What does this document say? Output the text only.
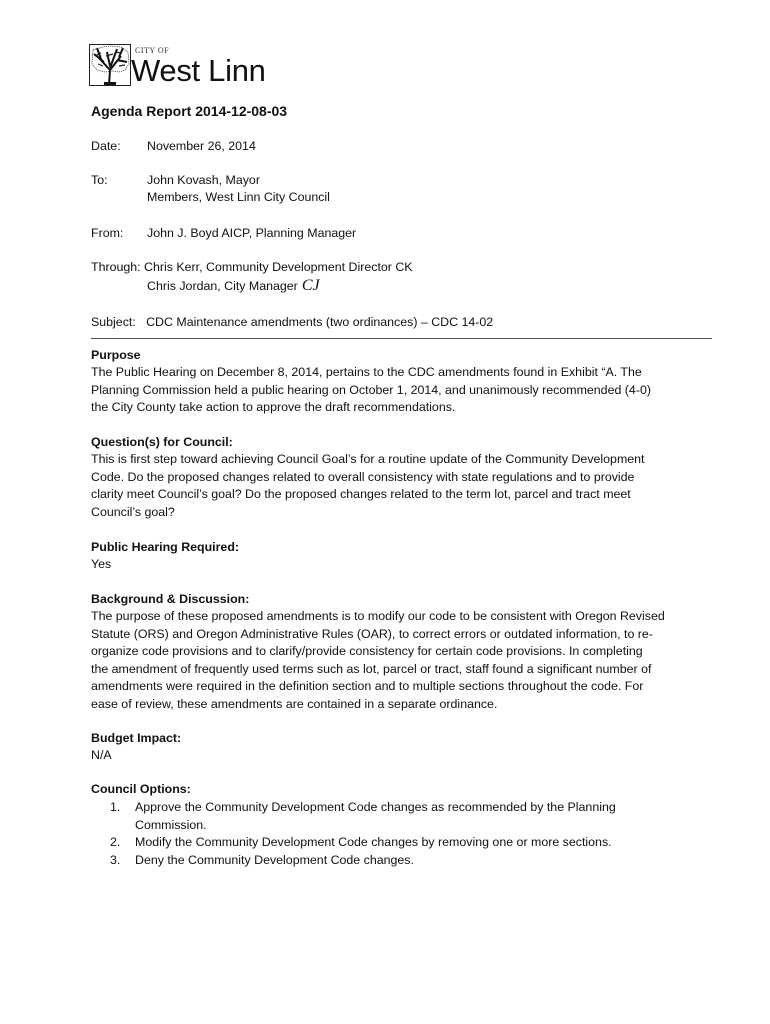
CITY OF
West Linn
Agenda Report 2014-12-08-03
Date: November 26, 2014
To:	John Kovash, Mayor
Members, West Linn City Council
From: John J. Boyd AICP, Planning Manager
Through: Chris Kerr, Community Development Director CK
Chris Jordan, City Manager CJ
Subject:   CDC Maintenance amendments (two ordinances) – CDC 14-02
Purpose
The Public Hearing on December 8, 2014, pertains to the CDC amendments found in Exhibit “A. The
Planning Commission held a public hearing on October 1, 2014, and unanimously recommended (4-0)
the City County take action to approve the draft recommendations.
Question(s) for Council:
This is first step toward achieving Council Goal’s for a routine update of the Community Development
Code. Do the proposed changes related to overall consistency with state regulations and to provide
clarity meet Council’s goal? Do the proposed changes related to the term lot, parcel and tract meet
Council’s goal?
Public Hearing Required:
Yes
Background & Discussion:
The purpose of these proposed amendments is to modify our code to be consistent with Oregon Revised
Statute (ORS) and Oregon Administrative Rules (OAR), to correct errors or outdated information, to re-
organize code provisions and to clarify/provide consistency for certain code provisions. In completing
the amendment of frequently used terms such as lot, parcel or tract, staff found a significant number of
amendments were required in the definition section and to multiple sections throughout the code. For
ease of review, these amendments are contained in a separate ordinance.
Budget Impact:
N/A
Council Options:
1. Approve the Community Development Code changes as recommended by the Planning
Commission.
2. Modify the Community Development Code changes by removing one or more sections.
3. Deny the Community Development Code changes.
